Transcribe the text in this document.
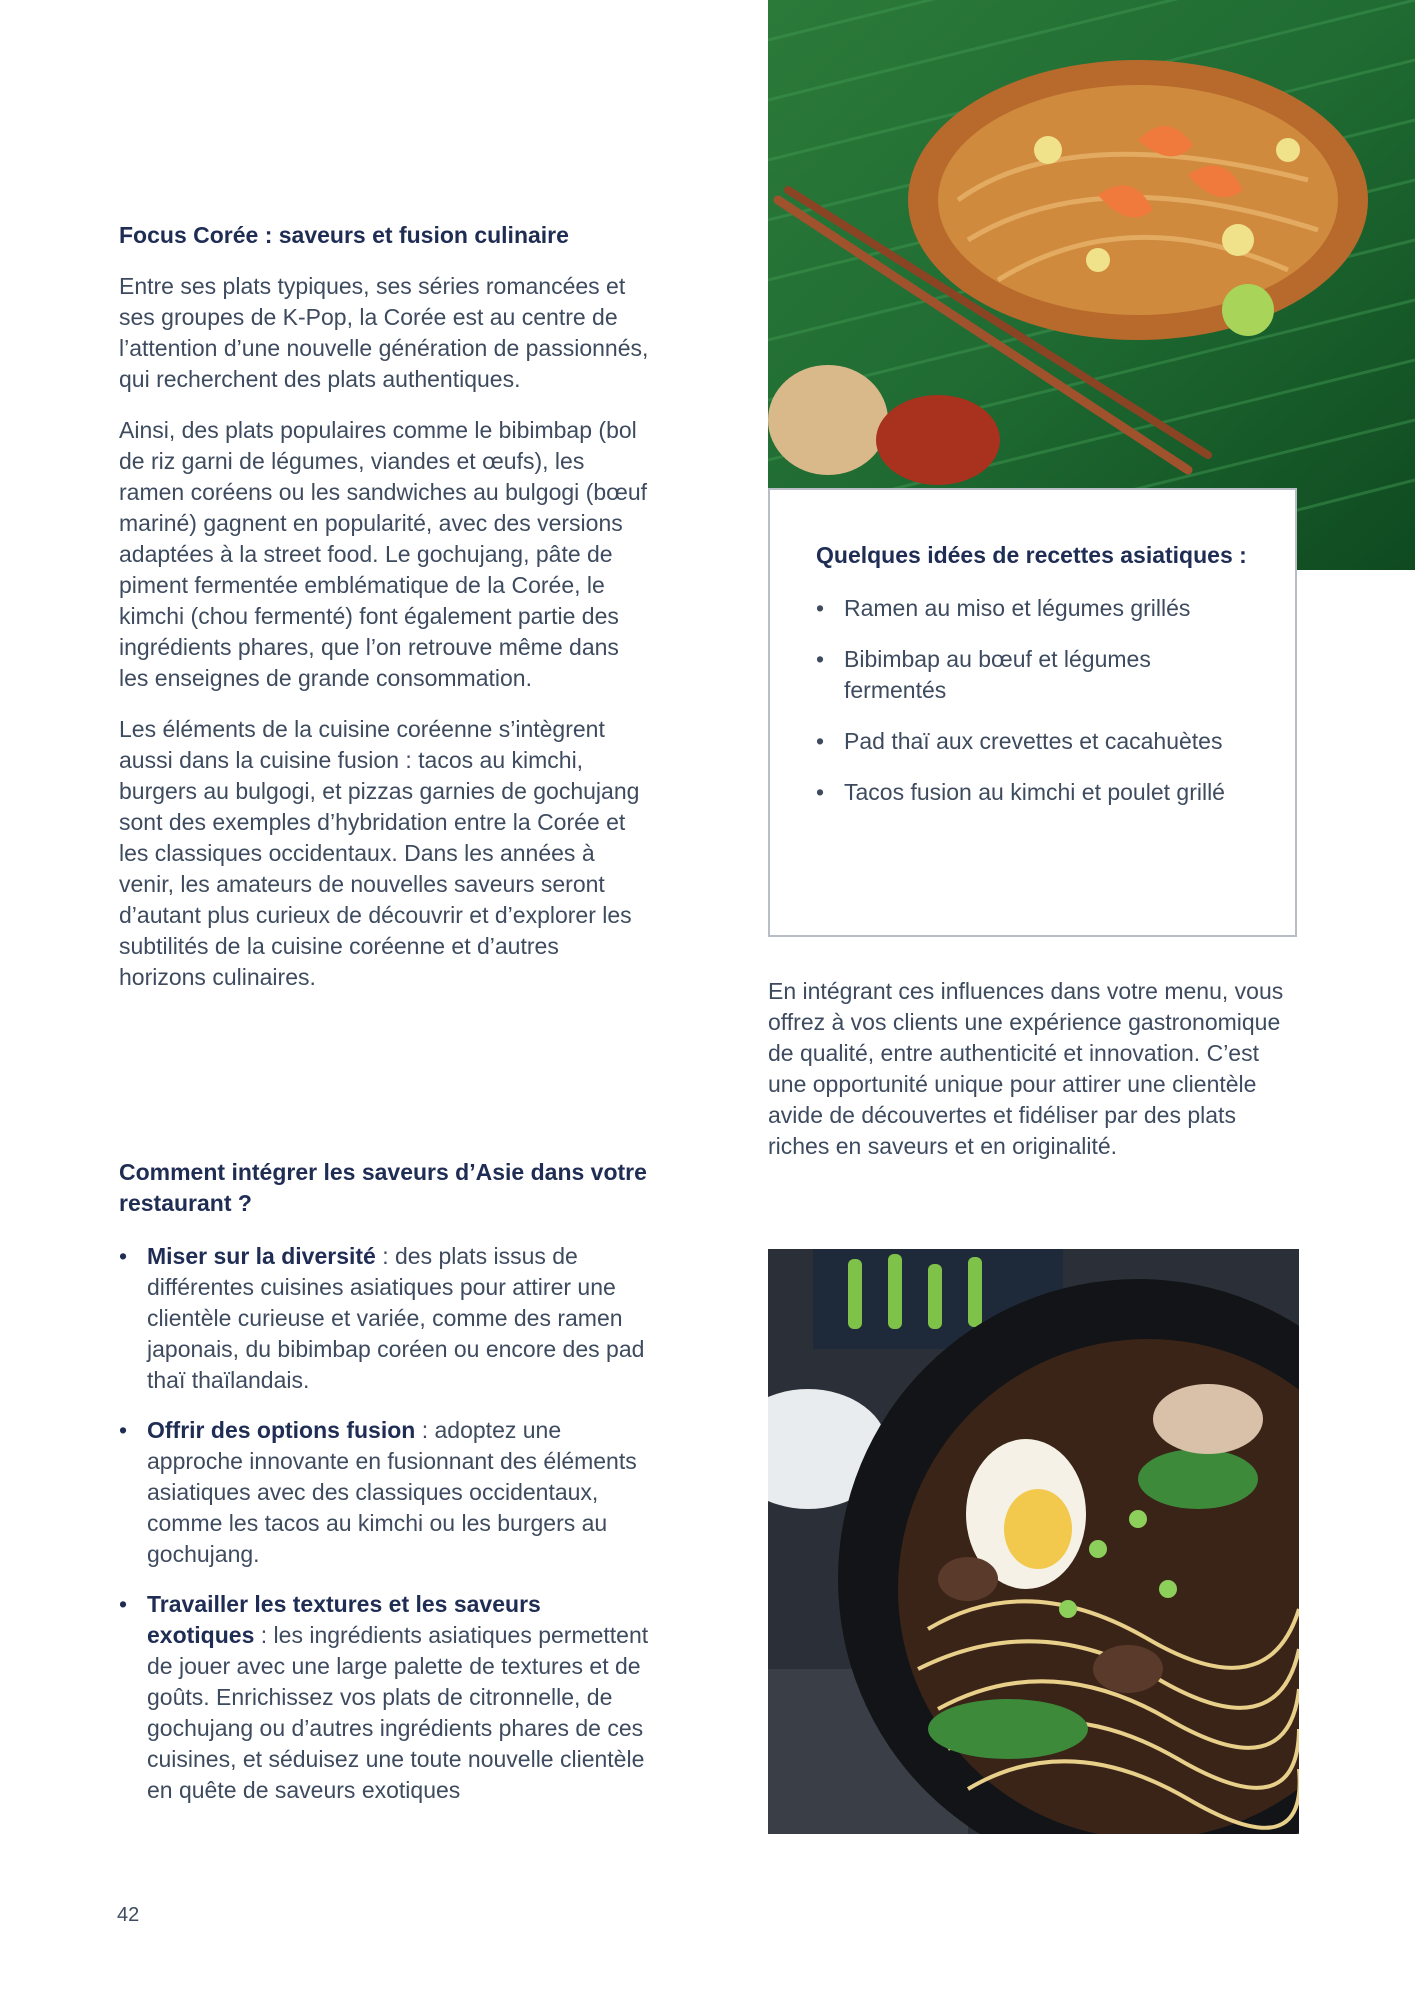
Focus Corée : saveurs et fusion culinaire

Entre ses plats typiques, ses séries romancées et ses groupes de K-Pop, la Corée est au centre de l’attention d’une nouvelle génération de passionnés, qui recherchent des plats authentiques.

Ainsi, des plats populaires comme le bibimbap (bol de riz garni de légumes, viandes et œufs), les ramen coréens ou les sandwiches au bulgogi (bœuf mariné) gagnent en popularité, avec des versions adaptées à la street food. Le gochujang, pâte de piment fermentée emblématique de la Corée, le kimchi (chou fermenté) font également partie des ingrédients phares, que l’on retrouve même dans les enseignes de grande consommation.

Les éléments de la cuisine coréenne s’intègrent aussi dans la cuisine fusion : tacos au kimchi, burgers au bulgogi, et pizzas garnies de gochujang sont des exemples d’hybridation entre la Corée et les classiques occidentaux. Dans les années à venir, les amateurs de nouvelles saveurs seront d’autant plus curieux de découvrir et d’explorer les subtilités de la cuisine coréenne et d’autres horizons culinaires.

Comment intégrer les saveurs d’Asie dans votre restaurant ?
• Miser sur la diversité : des plats issus de différentes cuisines asiatiques pour attirer une clientèle curieuse et variée, comme des ramen japonais, du bibimbap coréen ou encore des pad thaï thaïlandais.
• Offrir des options fusion : adoptez une approche innovante en fusionnant des éléments asiatiques avec des classiques occidentaux, comme les tacos au kimchi ou les burgers au gochujang.
• Travailler les textures et les saveurs exotiques : les ingrédients asiatiques permettent de jouer avec une large palette de textures et de goûts. Enrichissez vos plats de citronnelle, de gochujang ou d’autres ingrédients phares de ces cuisines, et séduisez une toute nouvelle clientèle en quête de saveurs exotiques
Quelques idées de recettes asiatiques :
• Ramen au miso et légumes grillés
• Bibimbap au bœuf et légumes fermentés
• Pad thaï aux crevettes et cacahuètes
• Tacos fusion au kimchi et poulet grillé

En intégrant ces influences dans votre menu, vous offrez à vos clients une expérience gastronomique de qualité, entre authenticité et innovation. C’est une opportunité unique pour attirer une clientèle avide de découvertes et fidéliser par des plats riches en saveurs et en originalité.

42
